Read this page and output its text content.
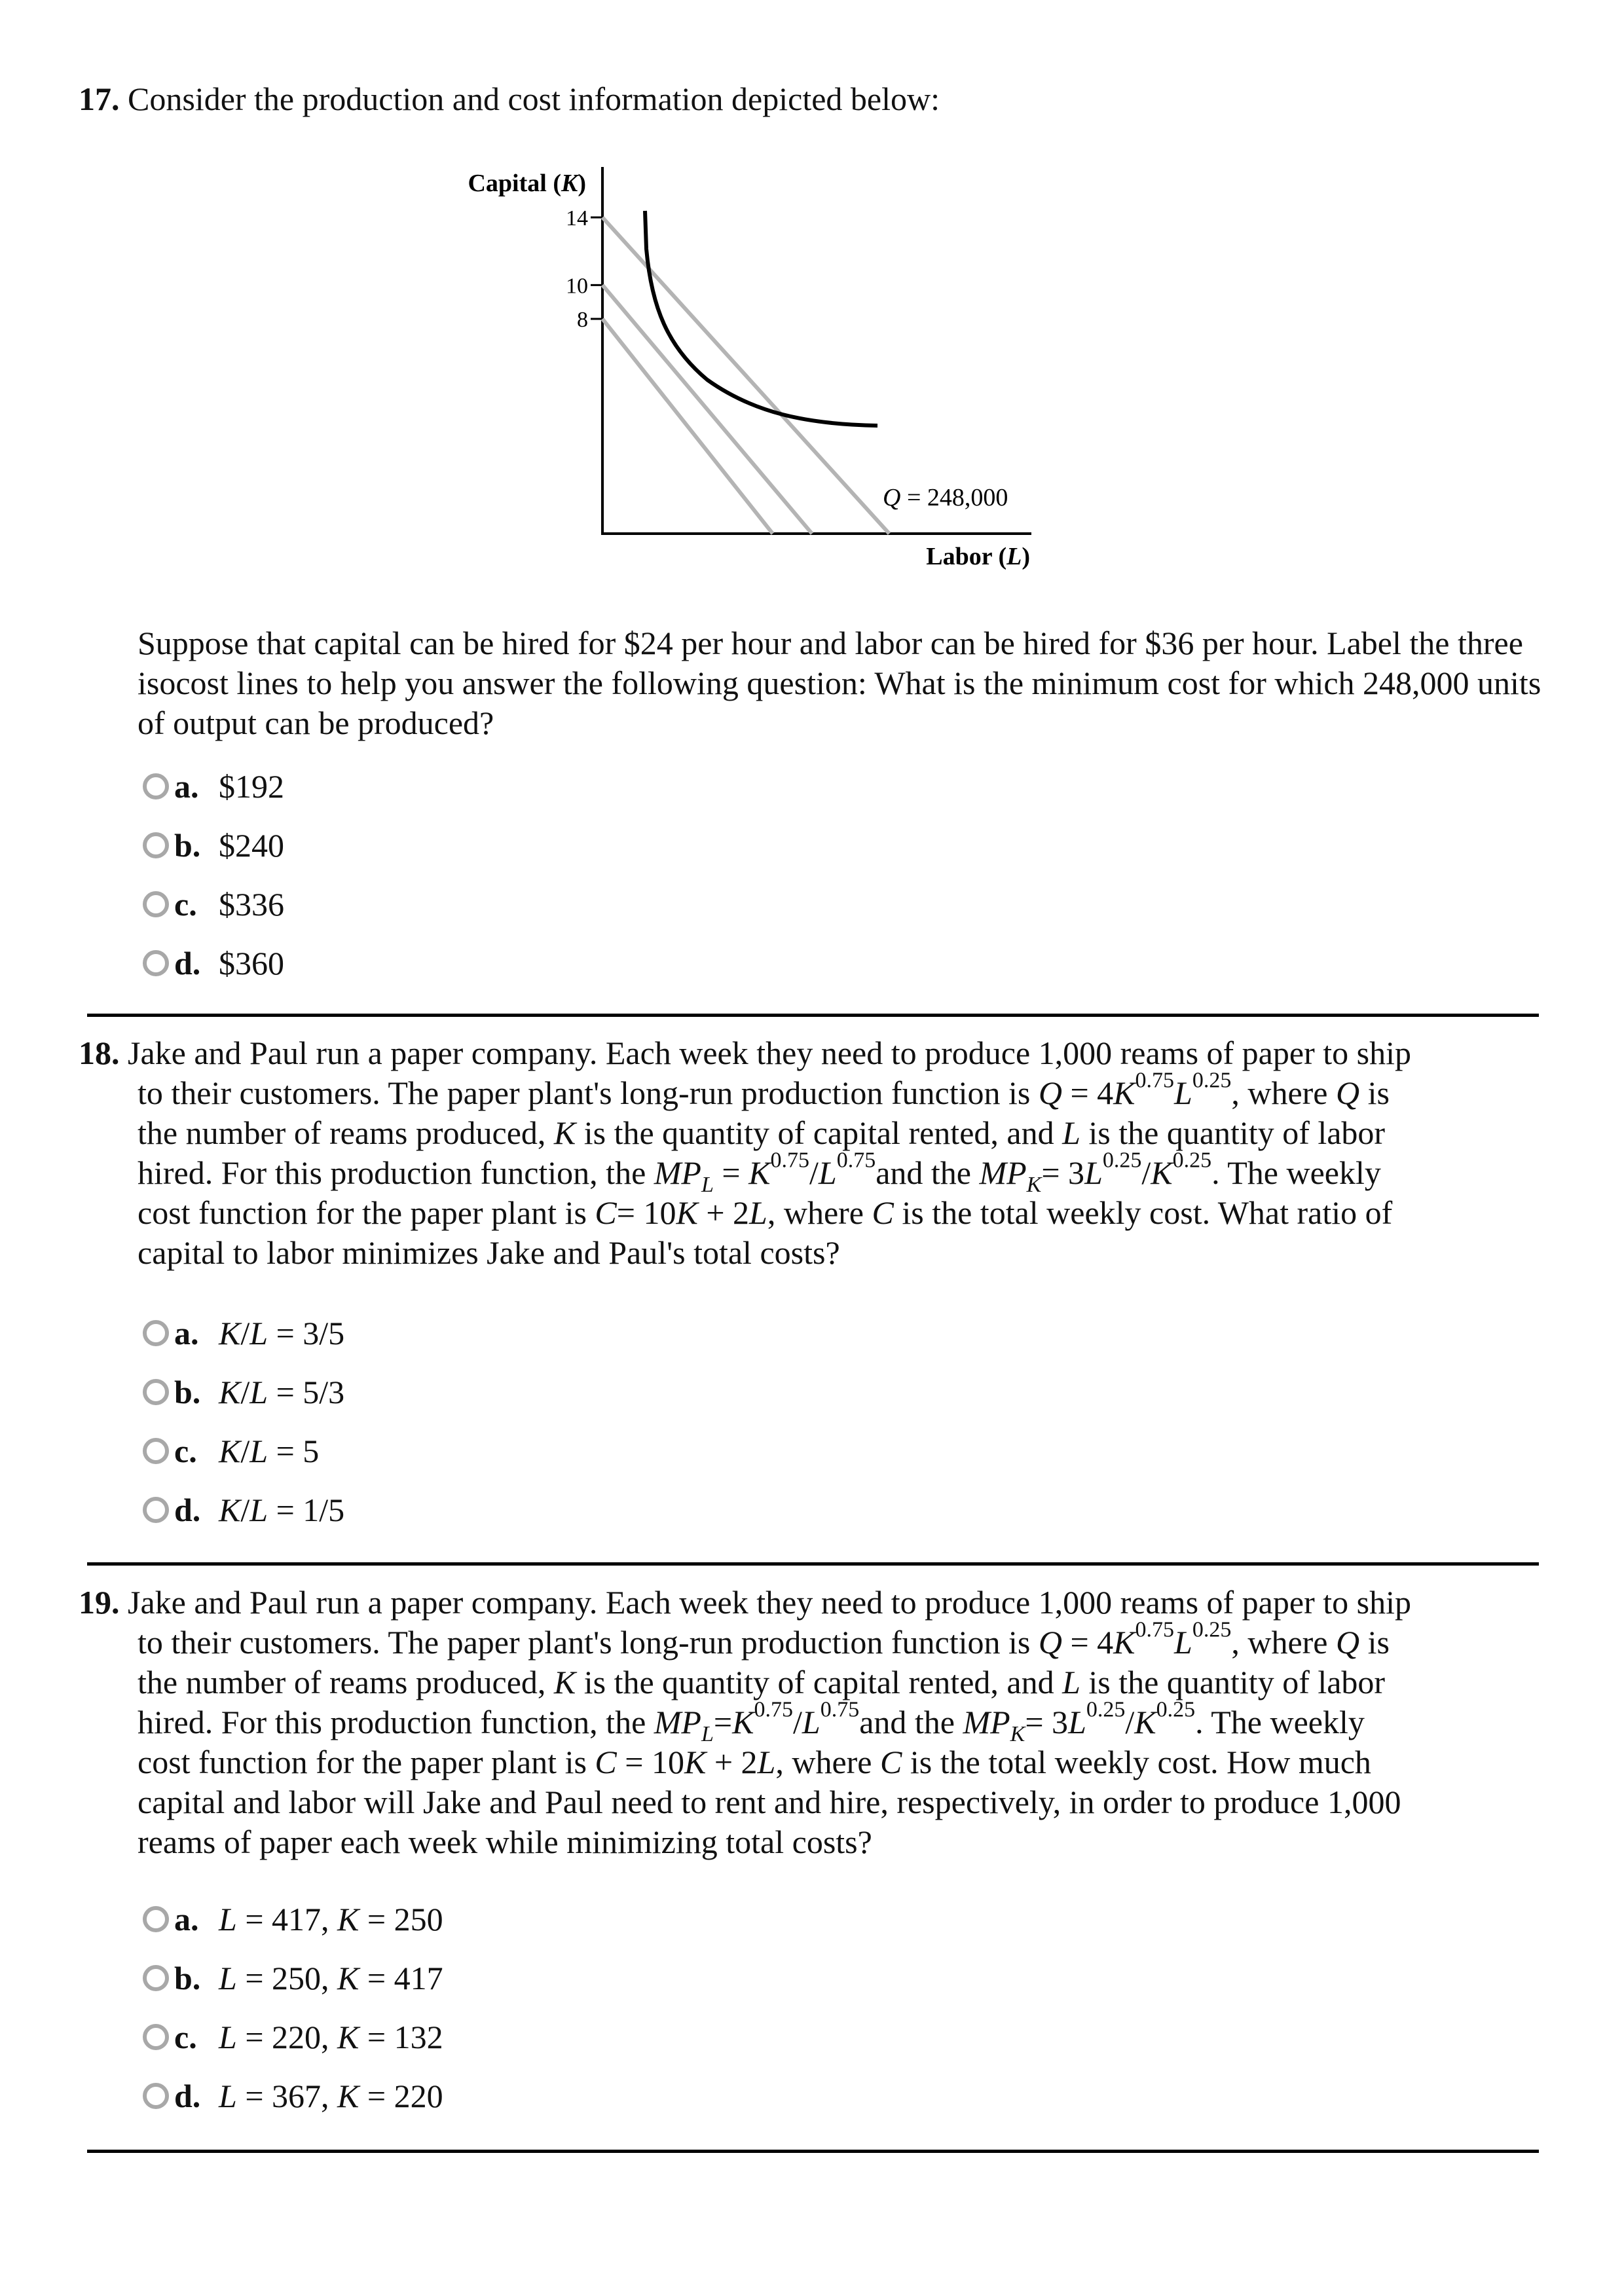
17. Consider the production and cost information depicted below:
14
10
8
Capital (K)
Labor (L)
Q = 248,000
Suppose that capital can be hired for $24 per hour and labor can be hired for $36 per hour. Label the three isocost lines to help you answer the following question: What is the minimum cost for which 248,000 units of output can be produced?
a. $192
b. $240
c. $336
d. $360
18. Jake and Paul run a paper company. Each week they need to produce 1,000 reams of paper to ship
to their customers. The paper plant's long-run production function is $Q = 4K^{0.75}L^{0.25}$, where Q is
the number of reams produced, K is the quantity of capital rented, and L is the quantity of labor
hired. For this production function, the $MP_L = K^{0.75}/L^{0.75}and$ the $MP_K= 3L^{0.25}/K^{0.25}$. The weekly
cost function for the paper plant is C= 10K + 2L, where C is the total weekly cost. What ratio of
capital to labor minimizes Jake and Paul's total costs?
a. K/L = 3/5
b. K/L = 5/3
c. K/L = 5
d. K/L = 1/5
19. Jake and Paul run a paper company. Each week they need to produce 1,000 reams of paper to ship
to their customers. The paper plant's long-run production function is $Q = 4K^{0.75}L^{0.25}$, where Q is
the number of reams produced, K is the quantity of capital rented, and L is the quantity of labor
hired. For this production function, the $MP_L=K^{0.75}/L^{0.75}and$ the $MP_K= 3L^{0.25}/K^{0.25}$. The weekly
cost function for the paper plant is C = 10K + 2L, where C is the total weekly cost. How much
capital and labor will Jake and Paul need to rent and hire, respectively, in order to produce 1,000
reams of paper each week while minimizing total costs?
a. L = 417, K = 250
b. L = 250, K = 417
c. L = 220, K = 132
d. L = 367, K = 220
